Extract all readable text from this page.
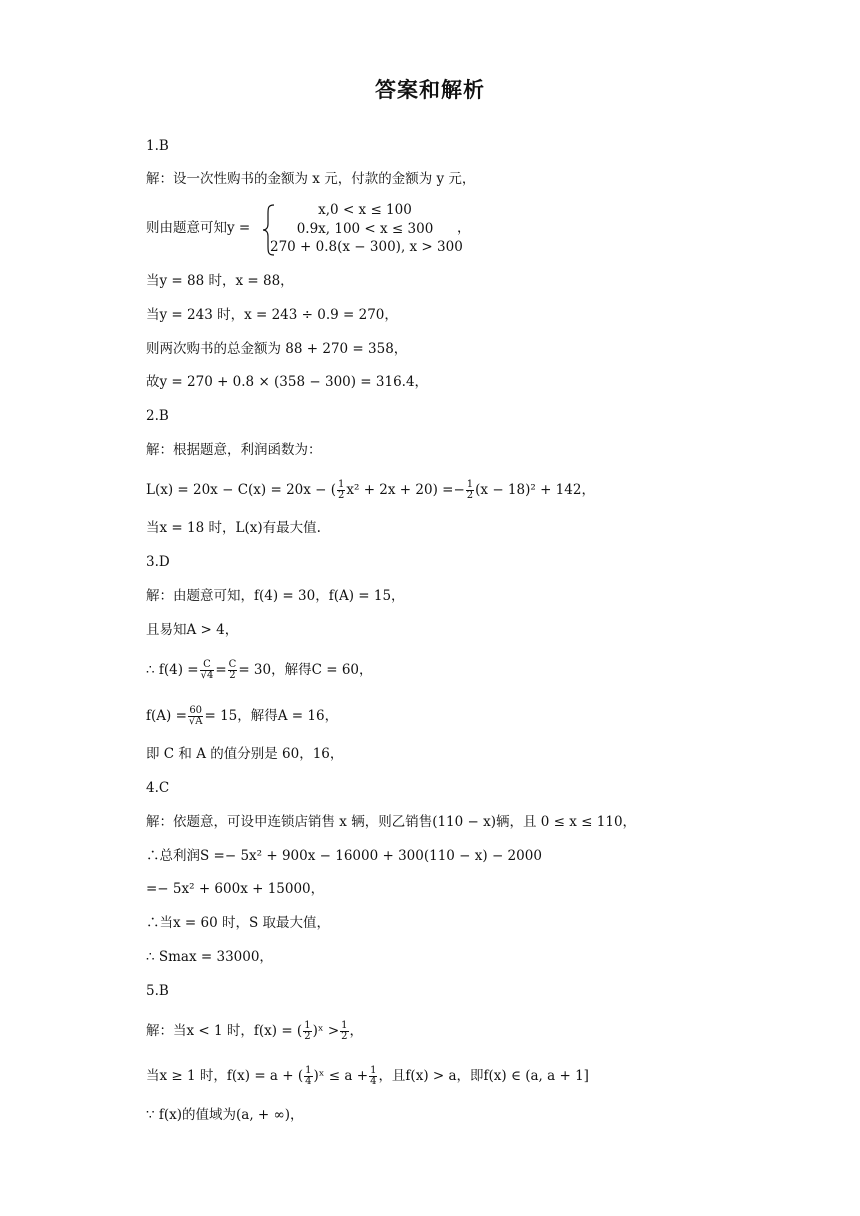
答案和解析
1.B
解：设一次性购书的金额为 x 元，付款的金额为 y 元，
则由题意可知y =
x,0 < x ≤ 100
0.9x, 100 < x ≤ 300
270 + 0.8(x − 300), x > 300
，
当y = 88 时，x = 88，
当y = 243 时，x = 243 ÷ 0.9 = 270，
则两次购书的总金额为 88 + 270 = 358，
故y = 270 + 0.8 × (358 − 300) = 316.4，
2.B
解：根据题意，利润函数为：
L(x) = 20x − C(x) = 20x − ( $\frac{1}{2} x^2 + 2x + 20) =- \frac{1}{2} (x - 18)^2 + 142$，
当x = 18 时，L(x)有最大值.
3.D
解：由题意可知，f(4) = 30，f(A) = 15，
且易知A > 4，
∴ $f(4) = \frac{C}{√4} = \frac{C}{2} = 30$，解得C = 60，
$f(A) = \frac{60}{√A} = 15$，解得A = 16，
即 C 和 A 的值分别是 60，16，
4.C
解：依题意，可设甲连锁店销售 x 辆，则乙销售(110 − x)辆，且 0 ≤ x ≤ 110，
∴总利润S =− 5x² + 900x − 16000 + 300(110 − x) − 2000
=− 5x² + 600x + 15000，
∴当x = 60 时，S 取最大值，
∴ Smax = 33000，
5.B
解：当x < 1 时，f(x) = ( $\frac{1}{2}$ )ˣ > $\frac{1}{2}$ ，
当x ≥ 1 时，f(x) = a + ( $\frac{1}{4}$ )ˣ ≤ $a + \frac{1}{4}$ ，且f(x) > a，即f(x) ∈ (a, a + 1]
∵ f(x)的值域为(a, + ∞)，
